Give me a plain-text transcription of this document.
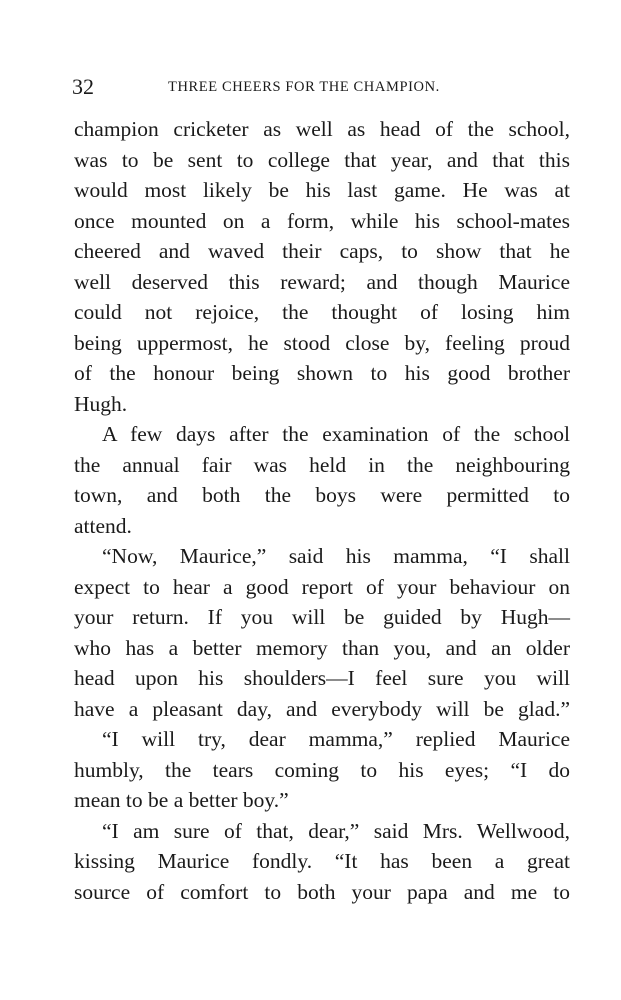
32	THREE CHEERS FOR THE CHAMPION.
champion cricketer as well as head of the school,
was to be sent to college that year, and that this
would most likely be his last game. He was at
once mounted on a form, while his school-mates
cheered and waved their caps, to show that he
well deserved this reward; and though Maurice
could not rejoice, the thought of losing him
being uppermost, he stood close by, feeling proud
of the honour being shown to his good brother
Hugh.
A few days after the examination of the school
the annual fair was held in the neighbouring
town, and both the boys were permitted to
attend.
“Now, Maurice,” said his mamma, “I shall
expect to hear a good report of your behaviour on
your return. If you will be guided by Hugh—
who has a better memory than you, and an older
head upon his shoulders—I feel sure you will
have a pleasant day, and everybody will be glad.”
“I will try, dear mamma,” replied Maurice
humbly, the tears coming to his eyes; “I do
mean to be a better boy.”
“I am sure of that, dear,” said Mrs. Wellwood,
kissing Maurice fondly. “It has been a great
source of comfort to both your papa and me to
